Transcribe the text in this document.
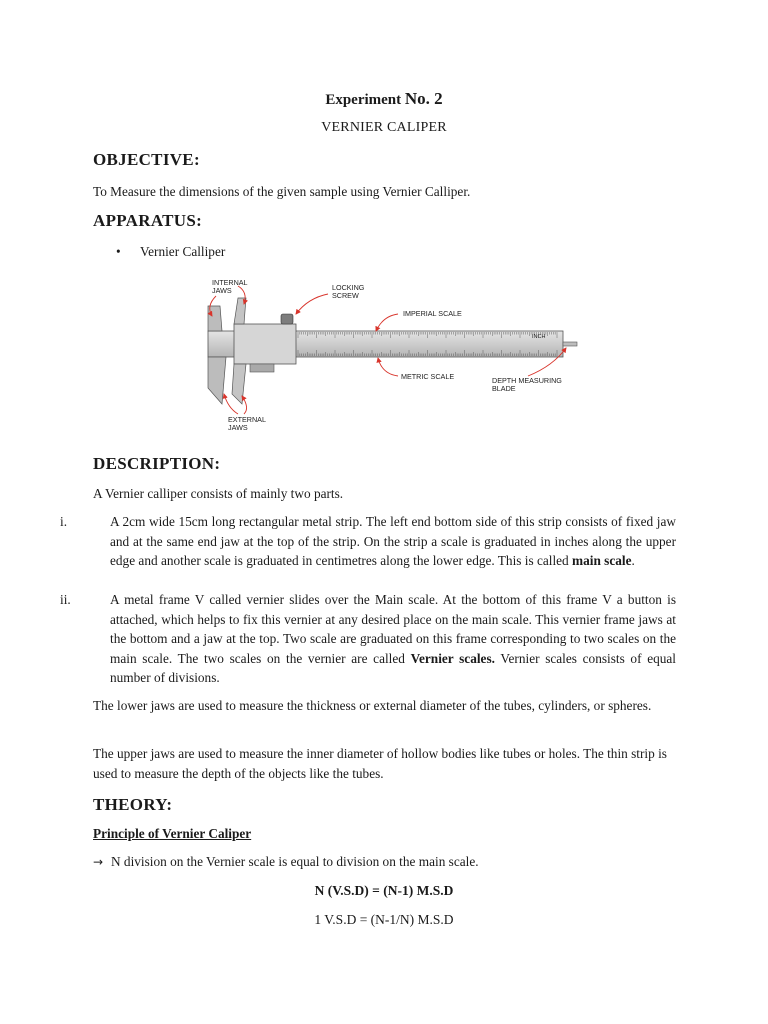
Experiment No. 2
VERNIER CALIPER
OBJECTIVE:
To Measure the dimensions of the given sample using Vernier Calliper.
APPARATUS:
• Vernier Calliper
INTERNAL
JAWS	LOCKING
SCREW
IMPERIAL SCALE
METRIC SCALE	DEPTH MEASURING
BLADE
EXTERNAL
JAWS
INCH
DESCRIPTION:
A Vernier calliper consists of mainly two parts.
i.	A 2cm wide 15cm long rectangular metal strip. The left end bottom side of this strip consists of fixed jaw and at the same end jaw at the top of the strip. On the strip a scale is graduated in inches along the upper edge and another scale is graduated in centimetres along the lower edge. This is called main scale.
ii.	A metal frame V called vernier slides over the Main scale. At the bottom of this frame V a button is attached, which helps to fix this vernier at any desired place on the main scale. This vernier frame jaws at the bottom and a jaw at the top. Two scale are graduated on this frame corresponding to two scales on the main scale. The two scales on the vernier are called Vernier scales. Vernier scales consists of equal number of divisions.
The lower jaws are used to measure the thickness or external diameter of the tubes, cylinders, or spheres.
The upper jaws are used to measure the inner diameter of hollow bodies like tubes or holes. The thin strip is used to measure the depth of the objects like the tubes.
THEORY:
Principle of Vernier Caliper
→ N division on the Vernier scale is equal to division on the main scale.
N (V.S.D) = (N-1) M.S.D
1 V.S.D = (N-1/N) M.S.D
